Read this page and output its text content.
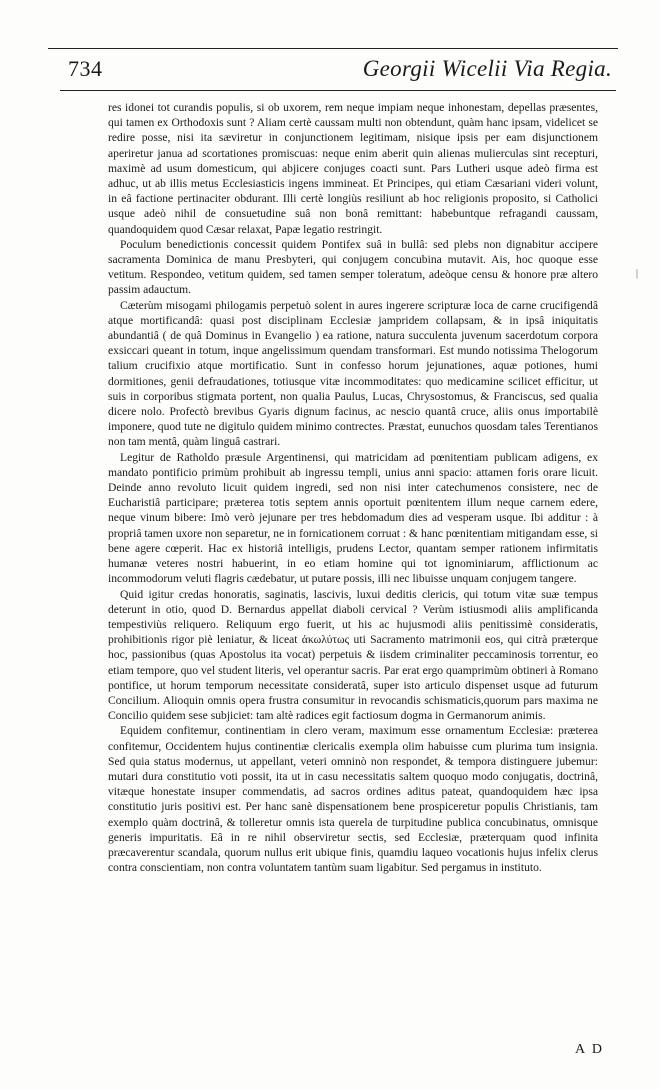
734	Georgii Wicelii Via Regia.

res idonei tot curandis populis, si ob uxorem, rem neque impiam neque inhonestam, depellas præsentes, qui tamen ex Orthodoxis sunt ? Aliam certè caussam multi non obtendunt, quàm hanc ipsam, videlicet se redire posse, nisi ita sæviretur in conjunctionem legitimam, nisique ipsis per eam disjunctionem aperiretur janua ad scortationes promiscuas: neque enim aberit quin alienas mulierculas sint recepturi, maximè ad usum domesticum, qui abjicere conjuges coacti sunt. Pars Lutheri usque adeò firma est adhuc, ut ab illis metus Ecclesiasticis ingens immineat. Et Principes, qui etiam Cæsariani videri volunt, in eâ factione pertinaciter obdurant. Illi certè longiùs resiliunt ab hoc religionis proposito, si Catholici usque adeò nihil de consuetudine suâ non bonâ remittant: habebuntque refragandi caussam, quandoquidem quod Cæsar relaxat, Papæ legatio restringit.

Poculum benedictionis concessit quidem Pontifex suâ in bullâ: sed plebs non dignabitur accipere sacramenta Dominica de manu Presbyteri, qui conjugem concubina mutavit. Ais, hoc quoque esse vetitum. Respondeo, vetitum quidem, sed tamen semper toleratum, adeòque censu & honore præ altero passim adauctum.

Cæterùm misogami philogamis perpetuò solent in aures ingerere scripturæ loca de carne crucifigendâ atque mortificandâ: quasi post disciplinam Ecclesiæ jampridem collapsam, & in ipsâ iniquitatis abundantiâ ( de quâ Dominus in Evangelio ) ea ratione, natura succulenta juvenum sacerdotum corpora exsiccari queant in totum, inque angelissimum quendam transformari. Est mundo notissima Thelogorum talium crucifixio atque mortificatio. Sunt in confesso horum jejunationes, aquæ potiones, humi dormitiones, genii defraudationes, totiusque vitæ incommoditates: quo medicamine scilicet efficitur, ut suis in corporibus stigmata portent, non qualia Paulus, Lucas, Chrysostomus, & Franciscus, sed qualia dicere nolo. Profectò brevibus Gyaris dignum facinus, ac nescio quantâ cruce, aliis onus importabilè imponere, quod tute ne digitulo quidem minimo contrectes. Præstat, eunuchos quosdam tales Terentianos non tam mentâ, quàm linguâ castrari.

Legitur de Ratholdo præsule Argentinensi, qui matricidam ad pœnitentiam publicam adigens, ex mandato pontificio primùm prohibuit ab ingressu templi, unius anni spacio: attamen foris orare licuit. Deinde anno revoluto licuit quidem ingredi, sed non nisi inter catechumenos consistere, nec de Eucharistiâ participare; præterea totis septem annis oportuit pœnitentem illum neque carnem edere, neque vinum bibere: Imò verò jejunare per tres hebdomadum dies ad vesperam usque. Ibi additur : à propriâ tamen uxore non separetur, ne in fornicationem corruat : & hanc pœnitentiam mitigandam esse, si bene agere cœperit. Hac ex historiâ intelligis, prudens Lector, quantam semper rationem infirmitatis humanæ veteres nostri habuerint, in eo etiam homine qui tot ignominiarum, afflictionum ac incommodorum veluti flagris cædebatur, ut putare possis, illi nec libuisse unquam conjugem tangere.

Quid igitur credas honoratis, saginatis, lascivis, luxui deditis clericis, qui totum vitæ suæ tempus deterunt in otio, quod D. Bernardus appellat diaboli cervical ? Verùm istiusmodi aliis amplificanda tempestiviùs reliquero. Reliquum ergo fuerit, ut his ac hujusmodi aliis penitissimè consideratis, prohibitionis rigor piè leniatur, & liceat ἀκωλύτως uti Sacramento matrimonii eos, qui citrà præterque hoc, passionibus (quas Apostolus ita vocat) perpetuis & iisdem criminaliter peccaminosis torrentur, eo etiam tempore, quo vel student literis, vel operantur sacris. Par erat ergo quamprimùm obtineri à Romano pontifice, ut horum temporum necessitate consideratâ, super isto articulo dispenset usque ad futurum Concilium. Alioquin omnis opera frustra consumitur in revocandis schismaticis,quorum pars maxima ne Concilio quidem sese subjiciet: tam altè radices egit factiosum dogma in Germanorum animis.

Equidem confitemur, continentiam in clero veram, maximum esse ornamentum Ecclesiæ: præterea confitemur, Occidentem hujus continentiæ clericalis exempla olim habuisse cum plurima tum insignia. Sed quia status modernus, ut appellant, veteri omninò non respondet, & tempora distinguere jubemur: mutari dura constitutio voti possit, ita ut in casu necessitatis saltem quoquo modo conjugatis, doctrinâ, vitæque honestate insuper commendatis, ad sacros ordines aditus pateat, quandoquidem hæc ipsa constitutio juris positivi est. Per hanc sanè dispensationem bene prospiceretur populis Christianis, tam exemplo quàm doctrinâ, & tolleretur omnis ista querela de turpitudine publica concubinatus, omnisque generis impuritatis. Eâ in re nihil observiretur sectis, sed Ecclesiæ, præterquam quod infinita præcaverentur scandala, quorum nullus erit ubique finis, quamdiu laqueo vocationis hujus infelix clerus contra conscientiam, non contra voluntatem tantùm suam ligabitur. Sed pergamus in instituto.

|
A D
